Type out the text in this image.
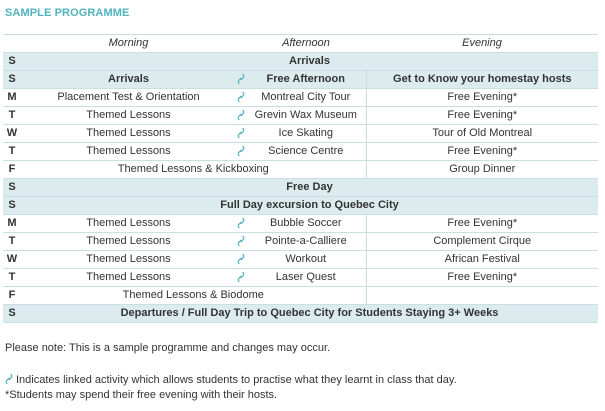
SAMPLE PROGRAMME
	Morning		Afternoon	Evening
S	Arrivals			
S	Arrivals		Free Afternoon	Get to Know your homestay hosts
M	Placement Test & Orientation		Montreal City Tour	Free Evening*
T	Themed Lessons		Grevin Wax Museum	Free Evening*
W	Themed Lessons		Ice Skating	Tour of Old Montreal
T	Themed Lessons		Science Centre	Free Evening*
F	Themed Lessons & Kickboxing			Group Dinner
S	Free Day			
S	Full Day excursion to Quebec City			
M	Themed Lessons		Bubble Soccer	Free Evening*
T	Themed Lessons		Pointe-a-Calliere	Complement Cirque
W	Themed Lessons		Workout	African Festival
T	Themed Lessons		Laser Quest	Free Evening*
F	Themed Lessons & Biodome			
S	Departures / Full Day Trip to Quebec City for Students Staying 3+ Weeks			
Please note: This is a sample programme and changes may occur.
Indicates linked activity which allows students to practise what they learnt in class that day.
*Students may spend their free evening with their hosts.
